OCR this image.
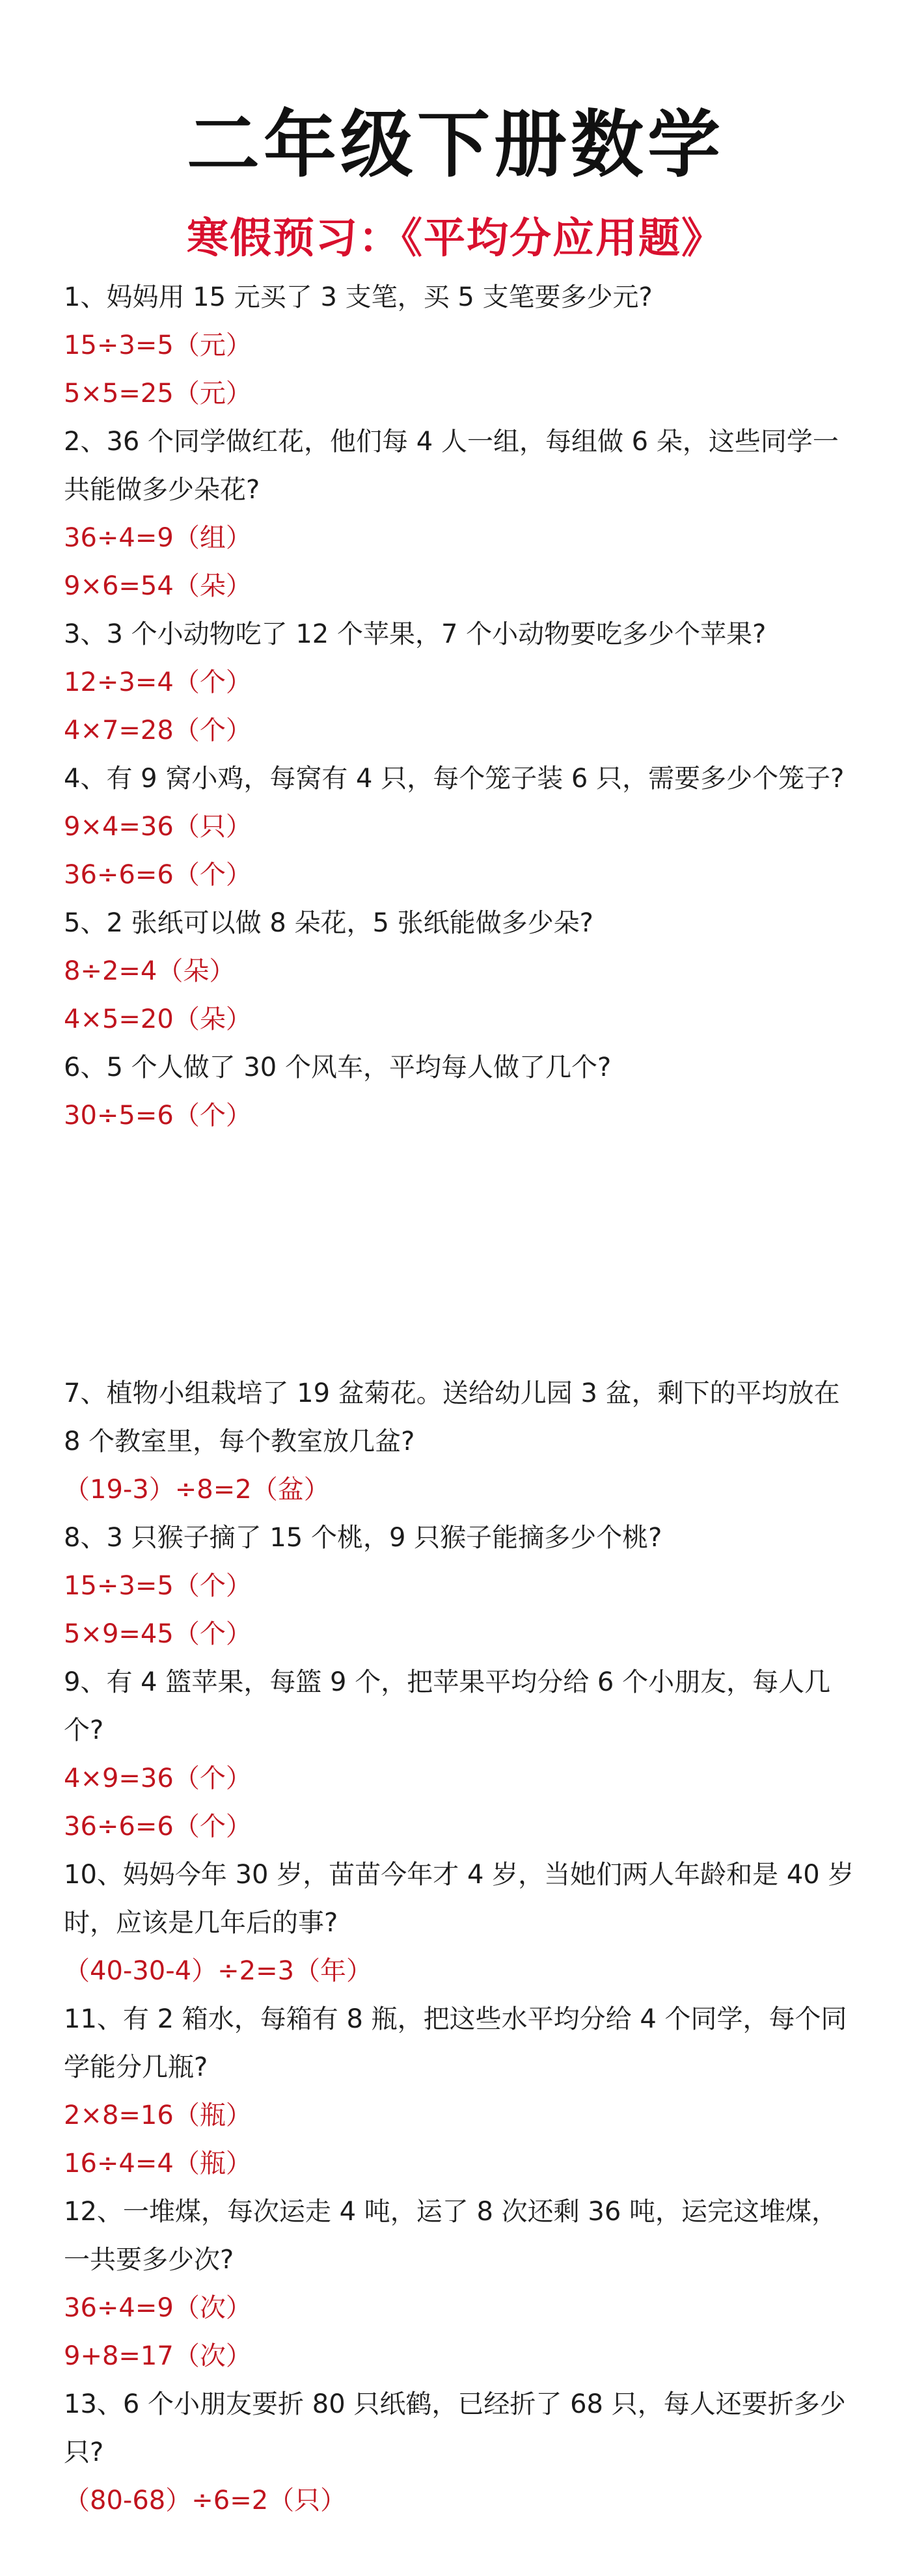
二年级下册数学
寒假预习：《平均分应用题》
1、妈妈用 15 元买了 3 支笔，买 5 支笔要多少元?
15÷3=5（元）
5×5=25（元）
2、36 个同学做红花，他们每 4 人一组，每组做 6 朵，这些同学一共能做多少朵花?
36÷4=9（组）
9×6=54（朵）
3、3 个小动物吃了 12 个苹果，7 个小动物要吃多少个苹果?
12÷3=4（个）
4×7=28（个）
4、有 9 窝小鸡，每窝有 4 只，每个笼子装 6 只，需要多少个笼子?
9×4=36（只）
36÷6=6（个）
5、2 张纸可以做 8 朵花，5 张纸能做多少朵?
8÷2=4（朵）
4×5=20（朵）
6、5 个人做了 30 个风车，平均每人做了几个?
30÷5=6（个）
7、植物小组栽培了 19 盆菊花。送给幼儿园 3 盆，剩下的平均放在 8 个教室里，每个教室放几盆?
（19-3）÷8=2（盆）
8、3 只猴子摘了 15 个桃，9 只猴子能摘多少个桃?
15÷3=5（个）
5×9=45（个）
9、有 4 篮苹果，每篮 9 个，把苹果平均分给 6 个小朋友，每人几个?
4×9=36（个）
36÷6=6（个）
10、妈妈今年 30 岁，苗苗今年才 4 岁，当她们两人年龄和是 40 岁时，应该是几年后的事?
（40-30-4）÷2=3（年）
11、有 2 箱水，每箱有 8 瓶，把这些水平均分给 4 个同学，每个同学能分几瓶?
2×8=16（瓶）
16÷4=4（瓶）
12、一堆煤，每次运走 4 吨，运了 8 次还剩 36 吨，运完这堆煤，一共要多少次?
36÷4=9（次）
9+8=17（次）
13、6 个小朋友要折 80 只纸鹤，已经折了 68 只，每人还要折多少只?
（80-68）÷6=2（只）
